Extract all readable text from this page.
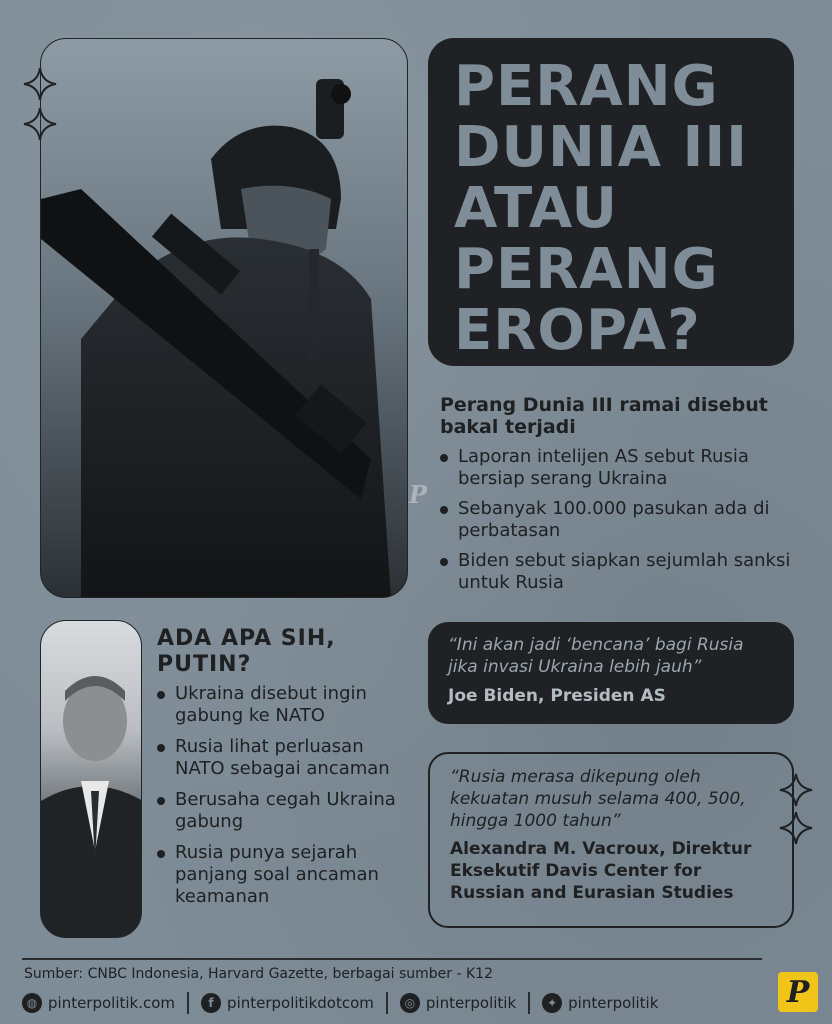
P
PERANG
DUNIA III
ATAU
PERANG
EROPA?
Perang Dunia III ramai disebut bakal terjadi
Laporan intelijen AS sebut Rusia bersiap serang Ukraina
Sebanyak 100.000 pasukan ada di perbatasan
Biden sebut siapkan sejumlah sanksi untuk Rusia
ADA APA SIH, PUTIN?
Ukraina disebut ingin gabung ke NATO
Rusia lihat perluasan NATO sebagai ancaman
Berusaha cegah Ukraina gabung
Rusia punya sejarah panjang soal ancaman keamanan
“Ini akan jadi ‘bencana’ bagi Rusia jika invasi Ukraina lebih jauh”
Joe Biden, Presiden AS
“Rusia merasa dikepung oleh kekuatan musuh selama 400, 500, hingga 1000 tahun”
Alexandra M. Vacroux, Direktur Eksekutif Davis Center for Russian and Eurasian Studies
Sumber: CNBC Indonesia, Harvard Gazette, berbagai sumber - K12
◍ pinterpolitik.com	f pinterpolitikdotcom	◎ pinterpolitik	✦ pinterpolitik	P
